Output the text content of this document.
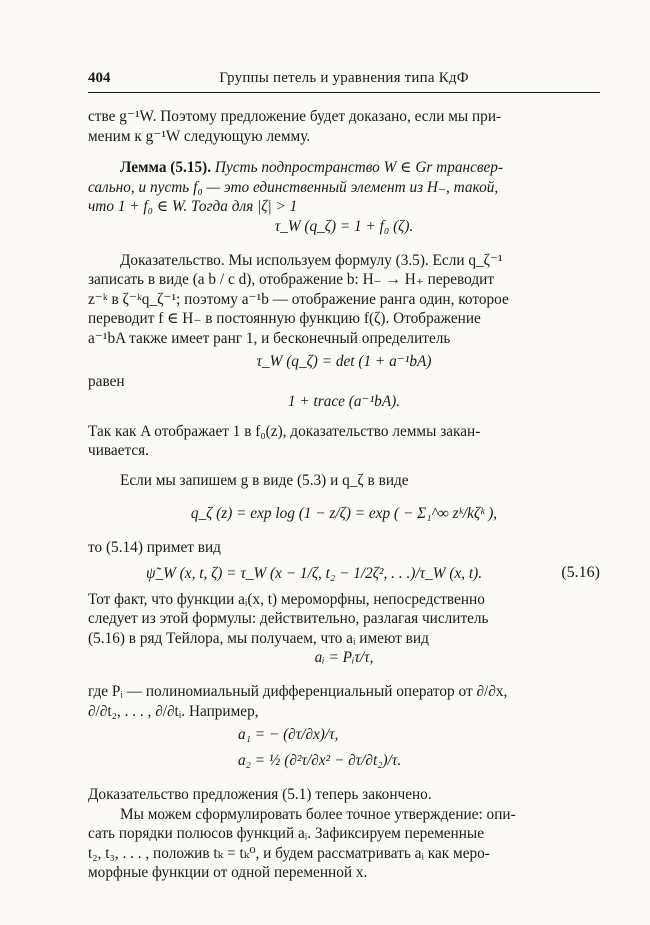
404	Группы петель и уравнения типа КдФ

стве g⁻¹W. Поэтому предложение будет доказано, если мы при-

меним к g⁻¹W следующую лемму.

Лемма (5.15). Пусть подпространство W ∈ Gr трансвер-

сально, и пусть f₀ — это единственный элемент из H₋, такой,

что 1 + f₀ ∈ W. Тогда для |ζ| > 1

τ_W (q_ζ) = 1 + f₀ (ζ).

Доказательство. Мы используем формулу (3.5). Если q_ζ⁻¹

записать в виде (a b / c d), отображение b: H₋ → H₊ переводит

z⁻ᵏ в ζ⁻ᵏq_ζ⁻¹; поэтому a⁻¹b — отображение ранга один, которое

переводит f ∈ H₋ в постоянную функцию f(ζ). Отображение

a⁻¹bA также имеет ранг 1, и бесконечный определитель

τ_W (q_ζ) = det (1 + a⁻¹bA)

равен

1 + trace (a⁻¹bA).

Так как A отображает 1 в f₀(z), доказательство леммы закан-

чивается.

Если мы запишем g в виде (5.3) и q_ζ в виде

q_ζ (z) = exp log (1 − z/ζ) = exp ( − Σ₁^∞ zᵏ/kζᵏ ),

то (5.14) примет вид

ψ̃_W (x, t, ζ) = τ_W (x − 1/ζ, t₂ − 1/2ζ², . . .)/τ_W (x, t).	(5.16)

Тот факт, что функции aᵢ(x, t) мероморфны, непосредственно

следует из этой формулы: действительно, разлагая числитель

(5.16) в ряд Тейлора, мы получаем, что aᵢ имеют вид

aᵢ = Pᵢτ/τ,

где Pᵢ — полиномиальный дифференциальный оператор от ∂/∂x,

∂/∂t₂, . . . , ∂/∂tᵢ. Например,

a₁ = − (∂τ/∂x)/τ,

a₂ = ½ (∂²τ/∂x² − ∂τ/∂t₂)/τ.

Доказательство предложения (5.1) теперь закончено.

Мы можем сформулировать более точное утверждение: опи-

сать порядки полюсов функций aᵢ. Зафиксируем переменные

t₂, t₃, . . . , положив tₖ = tₖ⁰, и будем рассматривать aᵢ как меро-

морфные функции от одной переменной x.
